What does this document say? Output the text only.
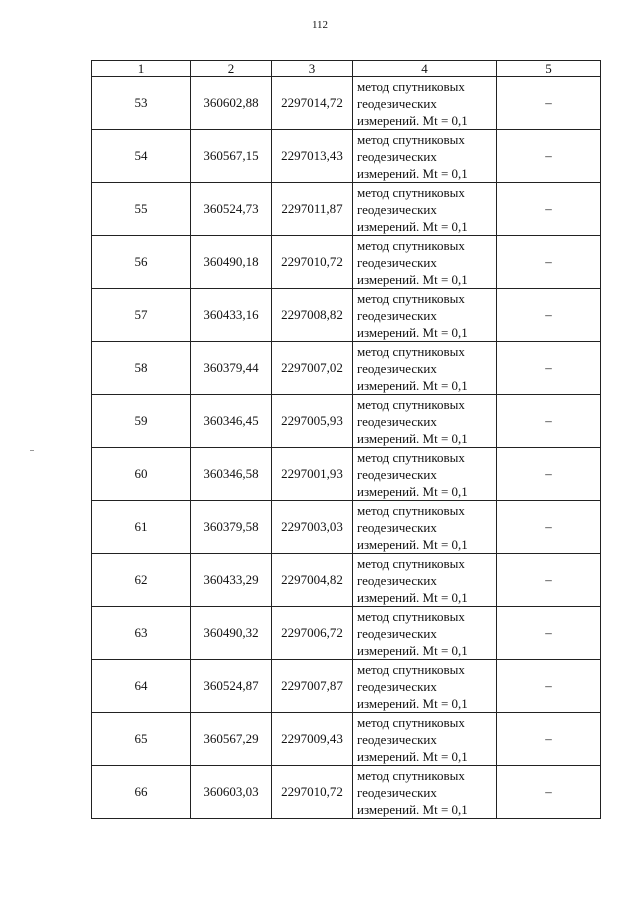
112
1	2	3	4	5
53	360602,88	2297014,72	метод спутниковых
геодезических
измерений. Mt = 0,1	–
54	360567,15	2297013,43	метод спутниковых
геодезических
измерений. Mt = 0,1	–
55	360524,73	2297011,87	метод спутниковых
геодезических
измерений. Mt = 0,1	–
56	360490,18	2297010,72	метод спутниковых
геодезических
измерений. Mt = 0,1	–
57	360433,16	2297008,82	метод спутниковых
геодезических
измерений. Mt = 0,1	–
58	360379,44	2297007,02	метод спутниковых
геодезических
измерений. Mt = 0,1	–
59	360346,45	2297005,93	метод спутниковых
геодезических
измерений. Mt = 0,1	–
60	360346,58	2297001,93	метод спутниковых
геодезических
измерений. Mt = 0,1	–
61	360379,58	2297003,03	метод спутниковых
геодезических
измерений. Mt = 0,1	–
62	360433,29	2297004,82	метод спутниковых
геодезических
измерений. Mt = 0,1	–
63	360490,32	2297006,72	метод спутниковых
геодезических
измерений. Mt = 0,1	–
64	360524,87	2297007,87	метод спутниковых
геодезических
измерений. Mt = 0,1	–
65	360567,29	2297009,43	метод спутниковых
геодезических
измерений. Mt = 0,1	–
66	360603,03	2297010,72	метод спутниковых
геодезических
измерений. Mt = 0,1	–
